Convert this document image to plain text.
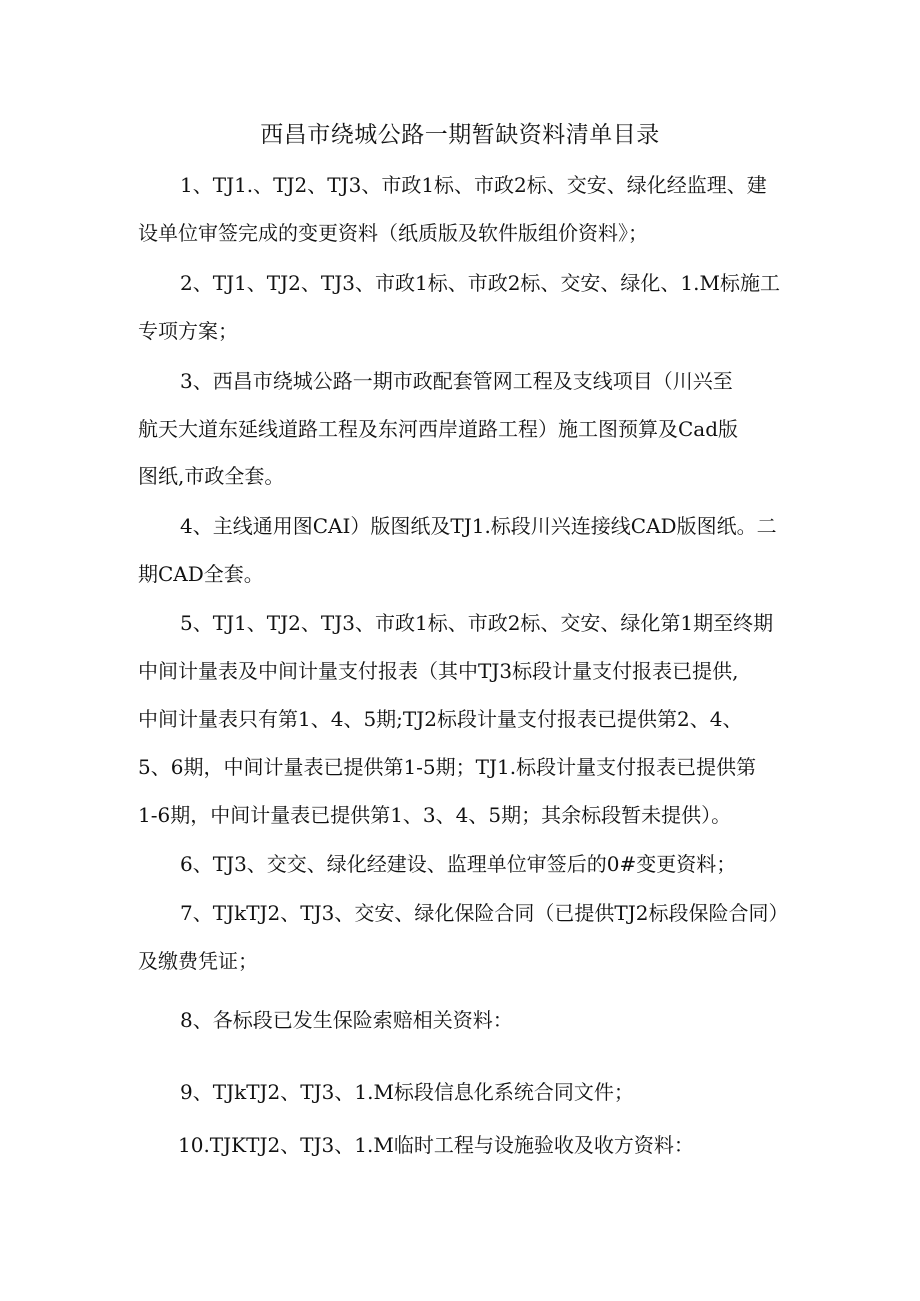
西昌市绕城公路一期暂缺资料清单目录
1、TJ1.、TJ2、TJ3、市政1标、市政2标、交安、绿化经监理、建
设单位审签完成的变更资料（纸质版及软件版组价资料》；
2、TJ1、TJ2、TJ3、市政1标、市政2标、交安、绿化、1.M标施工
专项方案；
3、西昌市绕城公路一期市政配套管网工程及支线项目（川兴至
航天大道东延线道路工程及东河西岸道路工程）施工图预算及Cad版
图纸,市政全套。
4、主线通用图CAI）版图纸及TJ1.标段川兴连接线CAD版图纸。二
期CAD全套。
5、TJ1、TJ2、TJ3、市政1标、市政2标、交安、绿化第1期至终期
中间计量表及中间计量支付报表（其中TJ3标段计量支付报表已提供,
中间计量表只有第1、4、5期;TJ2标段计量支付报表已提供第2、4、
5、6期，中间计量表已提供第1-5期；TJ1.标段计量支付报表已提供第
1-6期，中间计量表已提供第1、3、4、5期；其余标段暂未提供）。
6、TJ3、交交、绿化经建设、监理单位审签后的0#变更资料；
7、TJkTJ2、TJ3、交安、绿化保险合同（已提供TJ2标段保险合同）
及缴费凭证；
8、各标段已发生保险索赔相关资料：
9、TJkTJ2、TJ3、1.M标段信息化系统合同文件；
10.TJKTJ2、TJ3、1.M临时工程与设施验收及收方资料：
